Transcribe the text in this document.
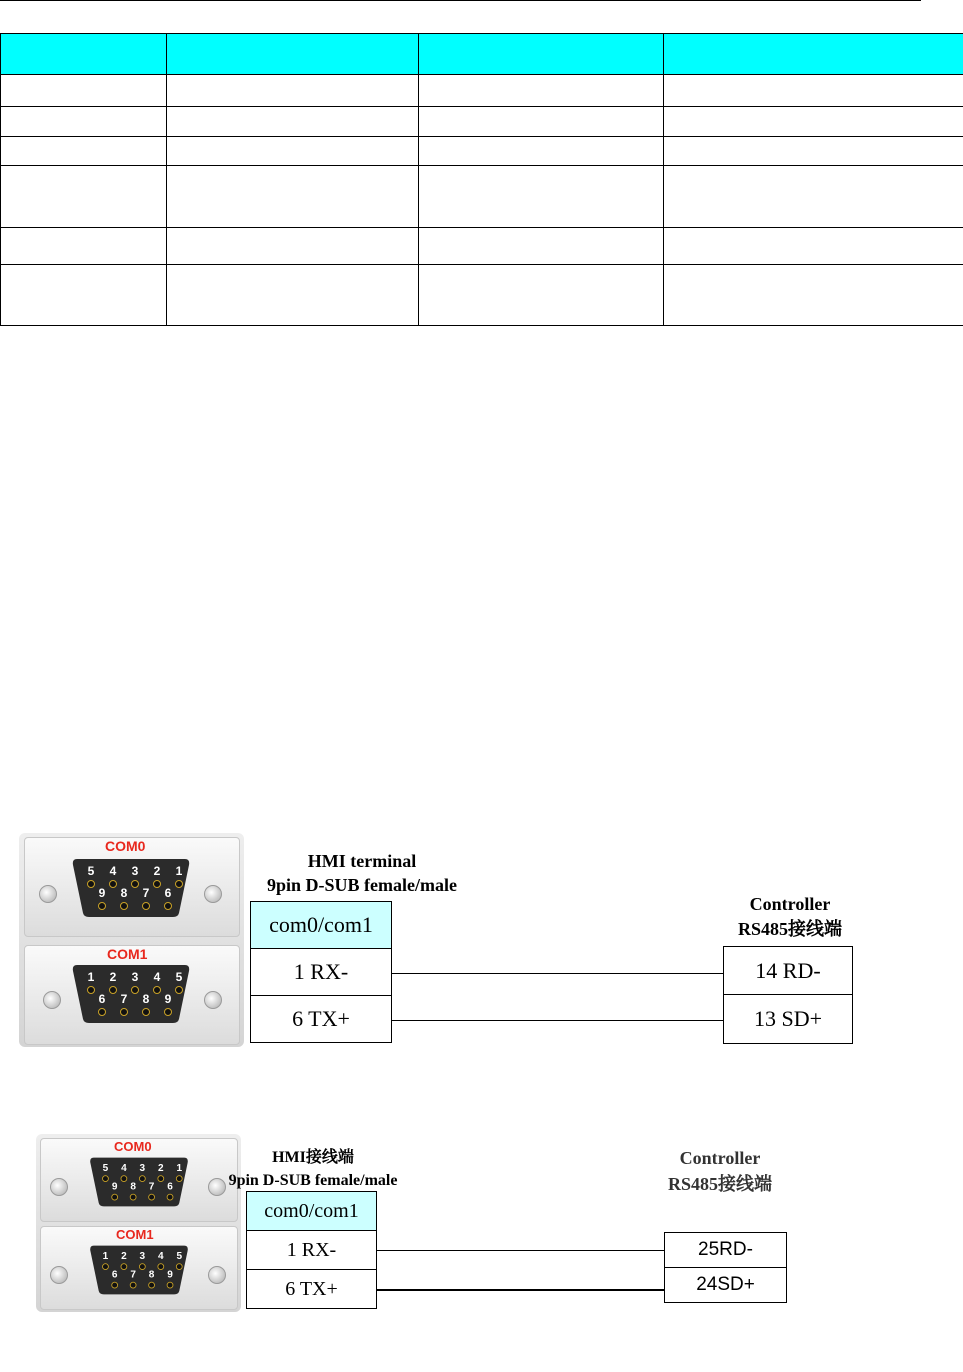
COM0
5 4 3 2 1
9 8 7 6
COM1
1 2 3 4 5
6 7 8 9
HMI terminal
9pin D-SUB female/male
com0/com1
1 RX-
6 TX+
Controller
RS485接线端
14 RD-
13 SD+
COM0
5 4 3 2 1
9 8 7 6
COM1
1 2 3 4 5
6 7 8 9
HMI接线端
9pin D-SUB female/male
com0/com1
1 RX-
6 TX+
Controller
RS485接线端
25RD-
24SD+
